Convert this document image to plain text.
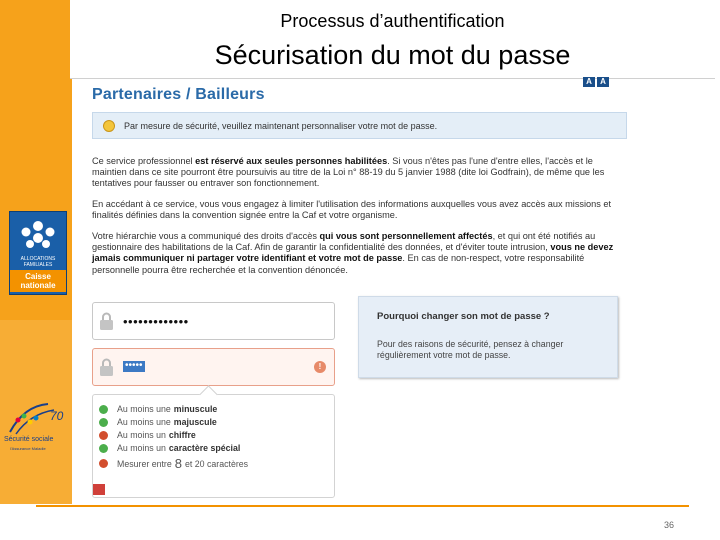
ALLOCATIONS FAMILIALES
Caisse nationale
70
Sécurité sociale
l'Assurance Maladie
Processus d’authentification
Sécurisation du mot du passe
A	A
Partenaires / Bailleurs
Par mesure de sécurité, veuillez maintenant personnaliser votre mot de passe.

Ce service professionnel est réservé aux seules personnes habilitées. Si vous n'êtes pas l'une d'entre elles, l'accès et le maintien dans ce site pourront être poursuivis au titre de la Loi n° 88-19 du 5 janvier 1988 (dite loi Godfrain), de même que les tentatives pour fausser ou entraver son fonctionnement.

En accédant à ce service, vous vous engagez à limiter l'utilisation des informations auxquelles vous avez accès aux missions et finalités définies dans la convention signée entre la Caf et votre organisme.

Votre hiérarchie vous a communiqué des droits d'accès qui vous sont personnellement affectés, et qui ont été notifiés au gestionnaire des habilitations de la Caf. Afin de garantir la confidentialité des données, et d'éviter toute intrusion, vous ne devez jamais communiquer ni partager votre identifiant et votre mot de passe. En cas de non-respect, votre responsabilité personnelle pourra être recherchée et la convention dénoncée.

•••••••••••••
•••••	!
Au moins une minuscule
Au moins une majuscule
Au moins un chiffre
Au moins un caractère spécial
Mesurer entre 8 et 20 caractères
Pourquoi changer son mot de passe ?
Pour des raisons de sécurité, pensez à changer régulièrement votre mot de passe.
36
